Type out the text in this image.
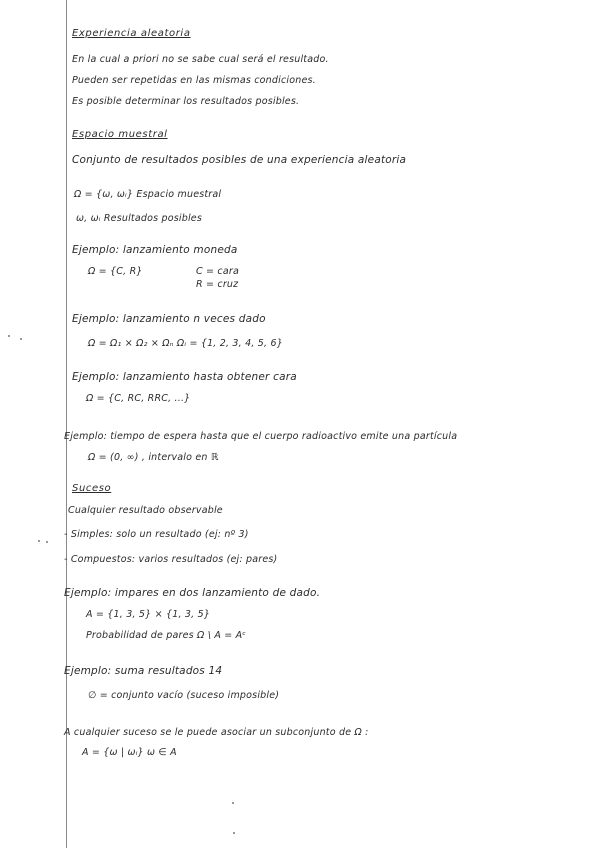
Experiencia aleatoria
En la cual a priori no se sabe cual será el resultado.
Pueden ser repetidas en las mismas condiciones.
Es posible determinar los resultados posibles.
Espacio muestral
Conjunto de resultados posibles de una experiencia aleatoria
Ω = {ω, ωᵢ} Espacio muestral
ω, ωᵢ Resultados posibles
Ejemplo: lanzamiento moneda
Ω = {C, R}	C = cara
R = cruz
Ejemplo: lanzamiento n veces dado
Ω = Ω₁ × Ω₂ × Ωₙ Ωᵢ = {1, 2, 3, 4, 5, 6}
Ejemplo: lanzamiento hasta obtener cara
Ω = {C, RC, RRC, ...}
Ejemplo: tiempo de espera hasta que el cuerpo radioactivo emite una partícula
Ω = (0, ∞) , intervalo en ℝ
Suceso
Cualquier resultado observable
- Simples: solo un resultado (ej: nº 3)
- Compuestos: varios resultados (ej: pares)
Ejemplo: impares en dos lanzamiento de dado.
A = {1, 3, 5} × {1, 3, 5}
Probabilidad de pares Ω \ A = Aᶜ
Ejemplo: suma resultados 14
∅ = conjunto vacío (suceso imposible)
A cualquier suceso se le puede asociar un subconjunto de Ω :
A = {ω | ωᵢ} ω ∈ A
